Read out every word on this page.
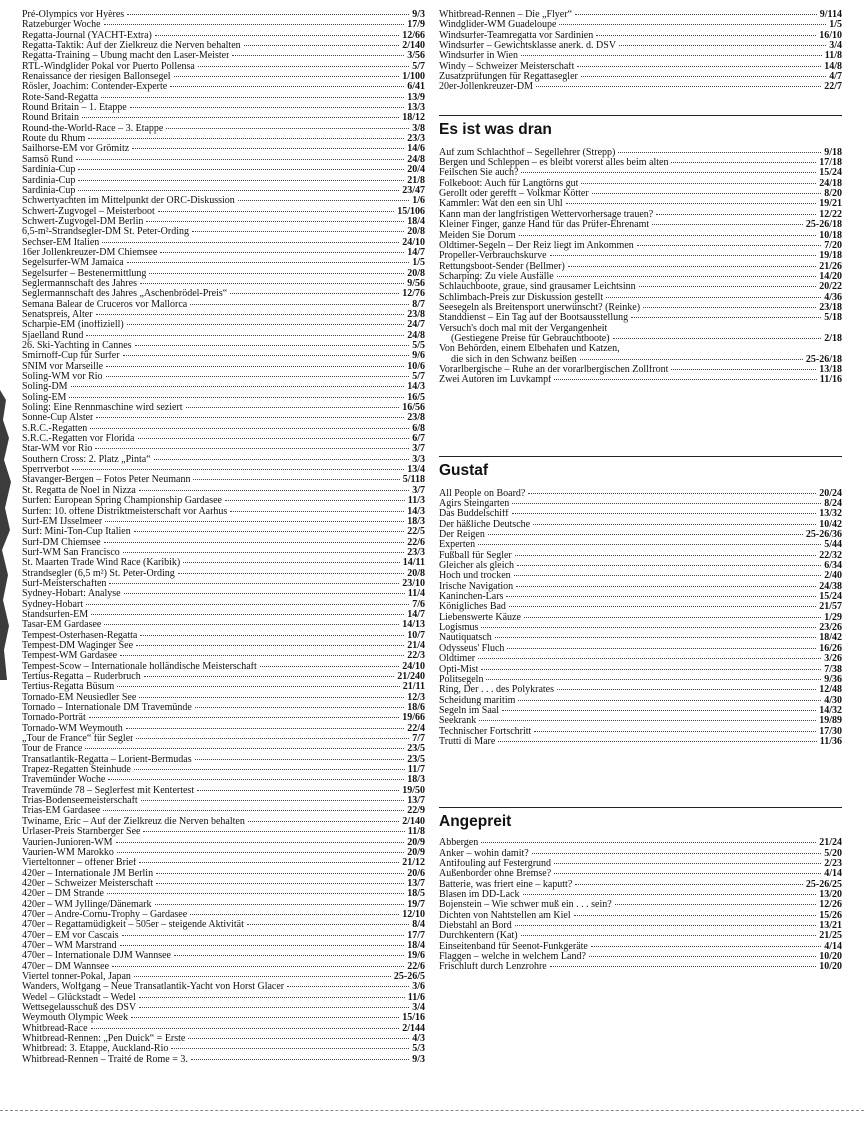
Pré-Olympics vor Hyères	9/3
Ratzeburger Woche	17/9
Regatta-Journal (YACHT-Extra)	12/66
Regatta-Taktik: Auf der Zielkreuz die Nerven behalten	2/140
Regatta-Training – Übung macht den Laser-Meister	3/56
RTL-Windglider Pokal vor Puerto Pollensa	5/7
Renaissance der riesigen Ballonsegel	1/100
Rösler, Joachim: Contender-Experte	6/41
Rote-Sand-Regatta	13/9
Round Britain – 1. Etappe	13/3
Round Britain	18/12
Round-the-World-Race – 3. Etappe	3/8
Route du Rhum	23/3
Sailhorse-EM vor Grömitz	14/6
Samsö Rund	24/8
Sardinia-Cup	20/4
Sardinia-Cup	21/8
Sardinia-Cup	23/47
Schwertyachten im Mittelpunkt der ORC-Diskussion	1/6
Schwert-Zugvogel – Meisterboot	15/106
Schwert-Zugvogel-DM Berlin	18/4
6,5-m²-Strandsegler-DM St. Peter-Ording	20/8
Sechser-EM Italien	24/10
16er Jollenkreuzer-DM Chiemsee	14/7
Segelsurfer-WM Jamaica	1/5
Segelsurfer – Bestenermittlung	20/8
Seglermannschaft des Jahres	9/56
Seglermannschaft des Jahres „Aschenbrödel-Preis“	12/76
Semana Balear de Cruceros vor Mallorca	8/7
Senatspreis, Alter	23/8
Scharpie-EM (inoffiziell)	24/7
Sjaelland Rund	24/8
26. Ski-Yachting in Cannes	5/5
Smirnoff-Cup für Surfer	9/6
SNIM vor Marseille	10/6
Soling-WM vor Rio	5/7
Soling-DM	14/3
Soling-EM	16/5
Soling: Eine Rennmaschine wird seziert	16/56
Sonne-Cup Alster	23/8
S.R.C.-Regatten	6/8
S.R.C.-Regatten vor Florida	6/7
Star-WM vor Rio	3/7
Southern Cross: 2. Platz „Pinta“	3/3
Sperrverbot	13/4
Stavanger-Bergen – Fotos Peter Neumann	5/118
St. Regatta de Noel in Nizza	3/7
Surfen: European Spring Championship Gardasee	11/3
Surfen: 10. offene Distriktmeisterschaft vor Aarhus	14/3
Surf-EM IJsselmeer	18/3
Surf: Mini-Ton-Cup Italien	22/5
Surf-DM Chiemsee	22/6
Surf-WM San Francisco	23/3
St. Maarten Trade Wind Race (Karibik)	14/11
Strandsegler (6,5 m²) St. Peter-Ording	20/8
Surf-Meisterschaften	23/10
Sydney-Hobart: Analyse	11/4
Sydney-Hobart	7/6
Standsurfen-EM	14/7
Tasar-EM Gardasee	14/13
Tempest-Osterhasen-Regatta	10/7
Tempest-DM Waginger See	21/4
Tempest-WM Gardasee	22/3
Tempest-Scow – Internationale holländische Meisterschaft	24/10
Tertius-Regatta – Ruderbruch	21/240
Tertius-Regatta Büsum	21/11
Tornado-EM Neusiedler See	12/3
Tornado – Internationale DM Travemünde	18/6
Tornado-Porträt	19/66
Tornado-WM Weymouth	22/4
„Tour de France“ für Segler	7/7
Tour de France	23/5
Transatlantik-Regatta – Lorient-Bermudas	23/5
Trapez-Regatten Steinhude	11/7
Travemünder Woche	18/3
Travemünde 78 – Seglerfest mit Kentertest	19/50
Trias-Bodenseemeisterschaft	13/7
Trias-EM Gardasee	22/9
Twiname, Eric – Auf der Zielkreuz die Nerven behalten	2/140
Urlaser-Preis Starnberger See	11/8
Vaurien-Junioren-WM	20/9
Vaurien-WM Marokko	20/9
Vierteltonner – offener Brief	21/12
420er – Internationale JM Berlin	20/6
420er – Schweizer Meisterschaft	13/7
420er – DM Strande	18/5
420er – WM Jyllinge/Dänemark	19/7
470er – Andre-Cornu-Trophy – Gardasee	12/10
470er – Regattamüdigkeit – 505er – steigende Aktivität	8/4
470er – EM vor Cascais	17/7
470er – WM Marstrand	18/4
470er – Internationale DJM Wannsee	19/6
470er – DM Wannsee	22/6
Viertel tonner-Pokal, Japan	25-26/5
Wanders, Wolfgang – Neue Transatlantik-Yacht von Horst Glacer	3/6
Wedel – Glückstadt – Wedel	11/6
Wettsegelausschuß des DSV	3/4
Weymouth Olympic Week	15/16
Whitbread-Race	2/144
Whitbread-Rennen: „Pen Duick“ = Erste	4/3
Whitbread: 3. Etappe, Auckland-Rio	5/3
Whitbread-Rennen – Traité de Rome = 3.	9/3
Whitbread-Rennen – Die „Flyer“	9/114
Windglider-WM Guadeloupe	1/5
Windsurfer-Teamregatta vor Sardinien	16/10
Windsurfer – Gewichtsklasse anerk. d. DSV	3/4
Windsurfer in Wien	11/8
Windy – Schweizer Meisterschaft	14/8
Zusatzprüfungen für Regattasegler	4/7
20er-Jollenkreuzer-DM	22/7
Es ist was dran
Auf zum Schlachthof – Segellehrer (Strepp)	9/18
Bergen und Schleppen – es bleibt vorerst alles beim alten	17/18
Feilschen Sie auch?	15/24
Folkeboot: Auch für Langtörns gut	24/18
Gerollt oder gerefft – Volkmar Kötter	8/20
Kammler: Wat den een sin Uhl	19/21
Kann man der langfristigen Wettervorhersage trauen?	12/22
Kleiner Finger, ganze Hand für das Prüfer-Ehrenamt	25-26/18
Meiden Sie Dorum	10/18
Oldtimer-Segeln – Der Reiz liegt im Ankommen	7/20
Propeller-Verbrauchskurve	19/18
Rettungsboot-Sender (Bellmer)	21/26
Scharping: Zu viele Ausfälle	14/20
Schlauchboote, graue, sind grausamer Leichtsinn	20/22
Schlimbach-Preis zur Diskussion gestellt	4/36
Seesegeln als Breitensport unerwünscht? (Reinke)	23/18
Standdienst – Ein Tag auf der Bootsausstellung	5/18
Versuch's doch mal mit der Vergangenheit
(Gestiegene Preise für Gebrauchtboote)	2/18
Von Behörden, einem Elbehafen und Katzen,
die sich in den Schwanz beißen	25-26/18
Vorarlbergische – Ruhe an der vorarlbergischen Zollfront	13/18
Zwei Autoren im Luvkampf	11/16
Gustaf
All People on Board?	20/24
Ägirs Steingarten	8/24
Das Buddelschiff	13/32
Der häßliche Deutsche	10/42
Der Reigen	25-26/36
Experten	5/44
Fußball für Segler	22/32
Gleicher als gleich	6/34
Hoch und trocken	2/40
Irische Navigation	24/38
Kaninchen-Lars	15/24
Königliches Bad	21/57
Liebenswerte Käuze	1/29
Logismus	23/26
Nautiquatsch	18/42
Odysseus' Fluch	16/26
Oldtimer	3/26
Opti-Mist	7/38
Politsegeln	9/36
Ring, Der . . . des Polykrates	12/48
Scheidung maritim	4/30
Segeln im Saal	14/32
Seekrank	19/89
Technischer Fortschritt	17/30
Trutti di Mare	11/36
Angepreit
Abbergen	21/24
Anker – wohin damit?	5/20
Antifouling auf Festergrund	2/23
Außenborder ohne Bremse?	4/14
Batterie, was friert eine – kaputt?	25-26/25
Blasen im DD-Lack	13/20
Bojenstein – Wie schwer muß ein . . . sein?	12/26
Dichten von Nahtstellen am Kiel	15/26
Diebstahl an Bord	13/21
Durchkentern (Kat)	21/25
Einseitenband für Seenot-Funkgeräte	4/14
Flaggen – welche in welchem Land?	10/20
Frischluft durch Lenzrohre	10/20
